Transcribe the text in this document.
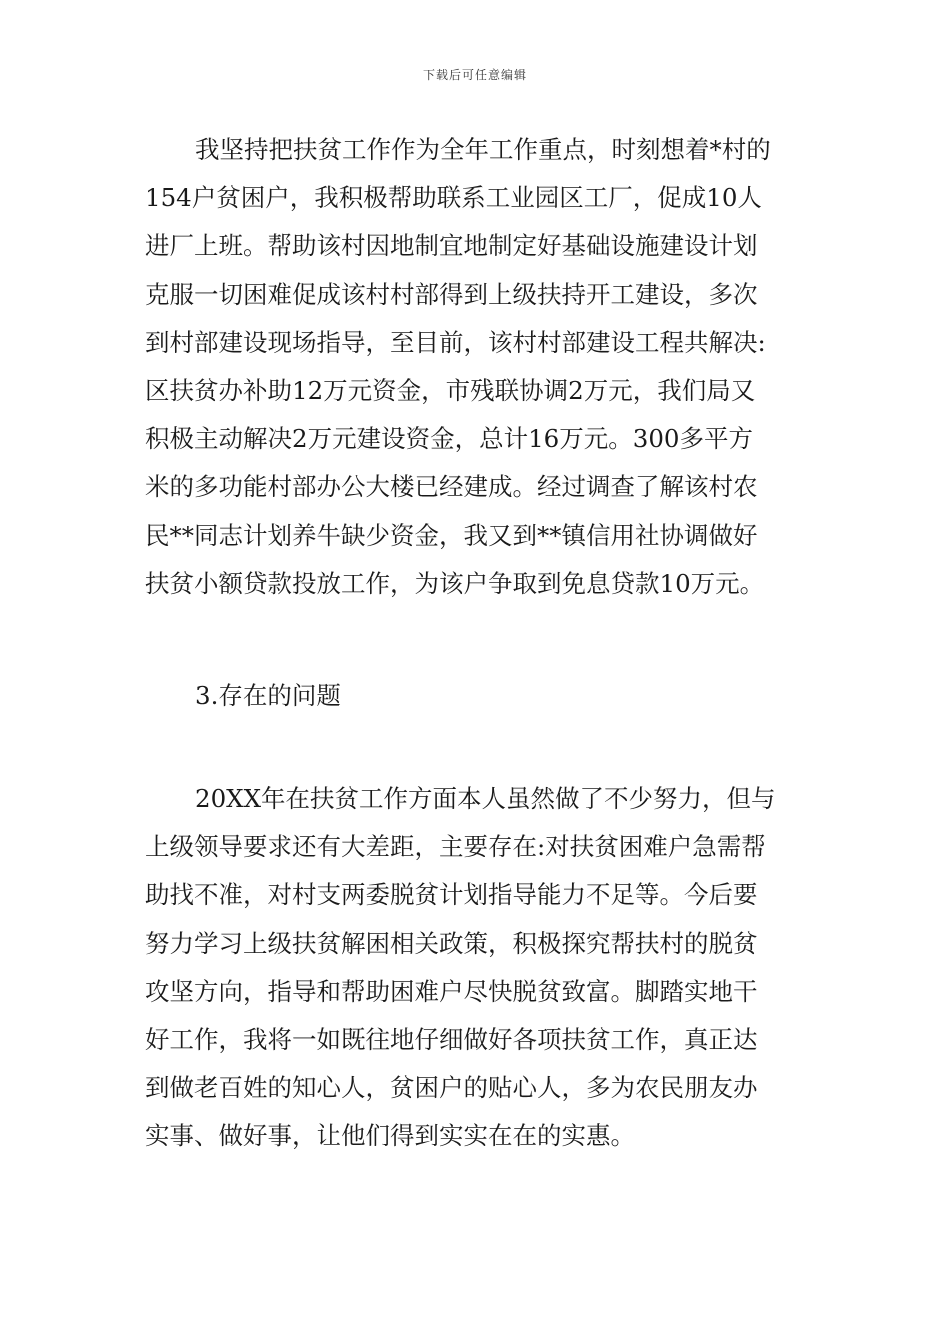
下载后可任意编辑
我坚持把扶贫工作作为全年工作重点，时刻想着*村的
154户贫困户，我积极帮助联系工业园区工厂，促成10人
进厂上班。帮助该村因地制宜地制定好基础设施建设计划
克服一切困难促成该村村部得到上级扶持开工建设，多次
到村部建设现场指导，至目前，该村村部建设工程共解决:
区扶贫办补助12万元资金，市残联协调2万元，我们局又
积极主动解决2万元建设资金，总计16万元。300多平方
米的多功能村部办公大楼已经建成。经过调查了解该村农
民**同志计划养牛缺少资金，我又到**镇信用社协调做好
扶贫小额贷款投放工作，为该户争取到免息贷款10万元。
3.存在的问题
20XX年在扶贫工作方面本人虽然做了不少努力，但与
上级领导要求还有大差距，主要存在:对扶贫困难户急需帮
助找不准，对村支两委脱贫计划指导能力不足等。今后要
努力学习上级扶贫解困相关政策，积极探究帮扶村的脱贫
攻坚方向，指导和帮助困难户尽快脱贫致富。脚踏实地干
好工作，我将一如既往地仔细做好各项扶贫工作，真正达
到做老百姓的知心人，贫困户的贴心人，多为农民朋友办
实事、做好事，让他们得到实实在在的实惠。
